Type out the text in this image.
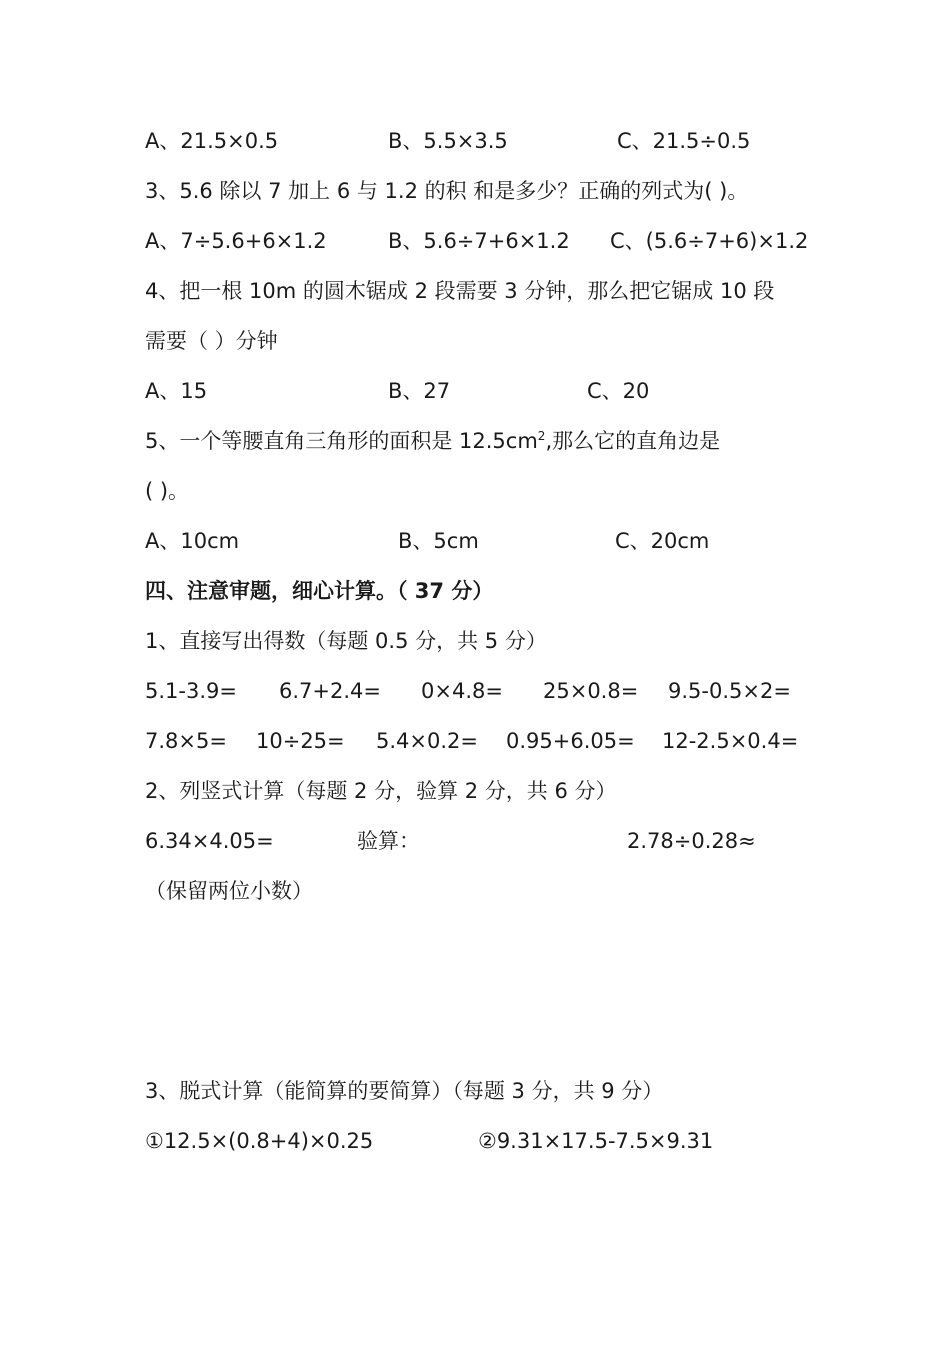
A、21.5×0.5	B、5.5×3.5	C、21.5÷0.5
3、5.6 除以 7 加上 6 与 1.2 的积 和是多少？正确的列式为( )。
A、7÷5.6+6×1.2	B、5.6÷7+6×1.2 C、(5.6÷7+6)×1.2
4、把一根 10m 的圆木锯成 2 段需要 3 分钟，那么把它锯成 10 段
需要（ ）分钟
A、15	B、27	C、20
5、一个等腰直角三角形的面积是 $12.5cm^2$,那么它的直角边是
( )。
A、10cm	B、5cm	C、20cm
四、注意审题，细心计算。（ 37 分）
1、直接写出得数（每题 0.5 分，共 5 分）
5.1-3.9= 6.7+2.4= 0×4.8= 25×0.8= 9.5-0.5×2=
7.8×5= 10÷25= 5.4×0.2= 0.95+6.05= 12-2.5×0.4=
2、列竖式计算（每题 2 分，验算 2 分，共 6 分）
6.34×4.05=	验算：	2.78÷0.28≈
（保留两位小数）
3、脱式计算（能简算的要简算）（每题 3 分，共 9 分）
①12.5×(0.8+4)×0.25	②9.31×17.5-7.5×9.31
